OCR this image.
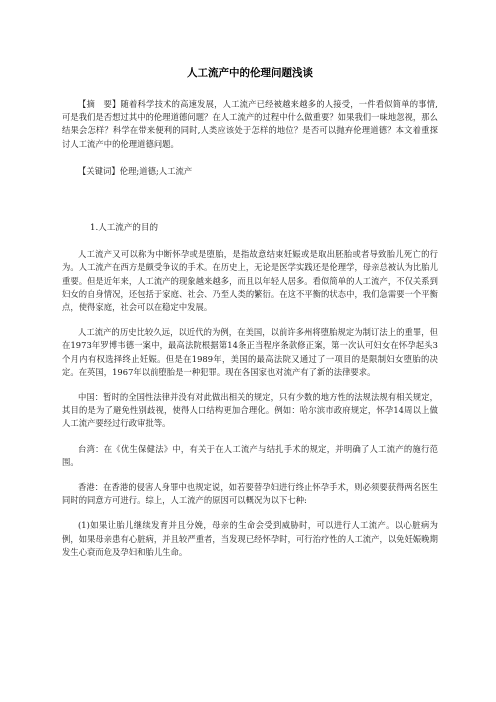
人工流产中的伦理问题浅谈

【摘　要】随着科学技术的高速发展，人工流产已经被越来越多的人接受，一件看似简单的事情,可是我们是否想过其中的伦理道德问题？在人工流产的过程中什么做重要？如果我们一味地忽视，那么结果会怎样？科学在带来便利的同时,人类应该处于怎样的地位？是否可以抛弃伦理道德？本文着重探讨人工流产中的伦理道德问题。

【关键词】伦理;道德;人工流产

1.人工流产的目的

人工流产又可以称为中断怀孕或是堕胎，是指故意结束妊娠或是取出胚胎或者导致胎儿死亡的行为。人工流产在西方是颇受争议的手术。在历史上，无论是医学实践还是伦理学，母亲总被认为比胎儿重要。但是近年来，人工流产的现象越来越多，而且以年轻人居多。看似简单的人工流产，不仅关系到妇女的自身情况，还包括于家庭、社会、乃至人类的繁衍。在这不平衡的状态中，我们急需要一个平衡点，使得家庭，社会可以在稳定中发展。

人工流产的历史比较久远，以近代的为例，在美国，以前许多州将堕胎规定为制订法上的重罪，但在1973年罗博韦德一案中，最高法院根据第14条正当程序条款修正案，第一次认可妇女在怀孕起头3个月内有权选择终止妊娠。但是在1989年，美国的最高法院又通过了一项目的是限制妇女堕胎的决定。在英国，1967年以前堕胎是一种犯罪。现在各国家也对流产有了新的法律要求。

中国：暂时的全国性法律并没有对此做出相关的规定，只有少数的地方性的法规法规有相关规定，其目的是为了避免性别歧视，使得人口结构更加合理化。例如：哈尔滨市政府规定，怀孕14周以上做人工流产要经过行政审批等。

台湾：在《优生保健法》中，有关于在人工流产与结扎手术的规定，并明确了人工流产的施行范围。

香港：在香港的侵害人身罪中也规定说，如若要替孕妇进行终止怀孕手术，则必须要获得两名医生同时的同意方可进行。综上，人工流产的原因可以概况为以下七种:

(1)如果让胎儿继续发育并且分娩，母亲的生命会受到威胁时，可以进行人工流产。以心脏病为例，如果母亲患有心脏病，并且较严重者，当发现已经怀孕时，可行治疗性的人工流产，以免妊娠晚期发生心衰而危及孕妇和胎儿生命。
